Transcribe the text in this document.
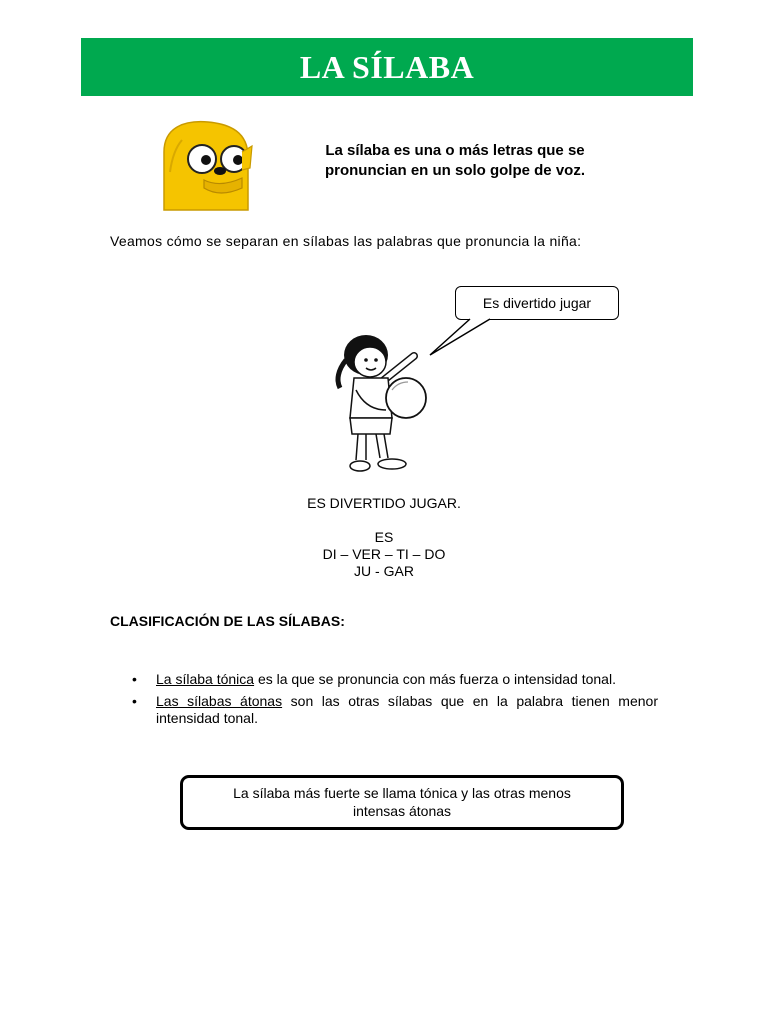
LA SÍLABA
La sílaba es una o más letras que se pronuncian en un solo golpe de voz.
Veamos cómo se separan en sílabas las palabras que pronuncia la niña:
Es divertido jugar

ES DIVERTIDO JUGAR.

ES

DI – VER – TI – DO

JU - GAR

CLASIFICACIÓN DE LAS SÍLABAS:
• La sílaba tónica es la que se pronuncia con más fuerza o intensidad tonal.
• Las sílabas átonas son las otras sílabas que en la palabra tienen menor intensidad tonal.
La sílaba más fuerte se llama tónica y las otras menos intensas átonas
